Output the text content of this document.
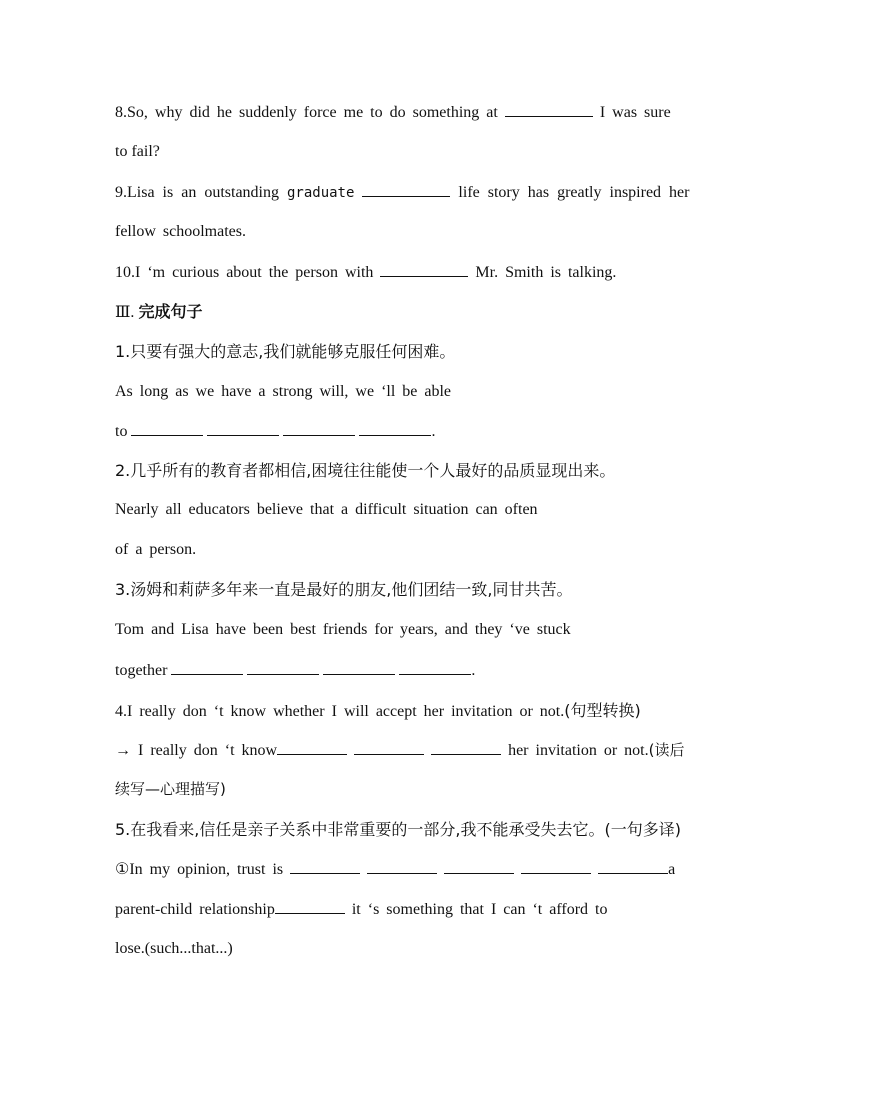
8.So, why did he suddenly force me to do something at	I was sure
to fail?
9.Lisa is an outstanding graduate	life story has greatly inspired her
fellow schoolmates.
10.I ‘m curious about the person with	Mr. Smith is talking.
Ⅲ. 完成句子
1.只要有强大的意志,我们就能够克服任何困难。
As long as we have a strong will, we ‘ll be able
to	.
2.几乎所有的教育者都相信,困境往往能使一个人最好的品质显现出来。
Nearly all educators believe that a difficult situation can often
of a person.
3.汤姆和莉萨多年来一直是最好的朋友,他们团结一致,同甘共苦。
Tom and Lisa have been best friends for years, and they ‘ve stuck
together	.
4.I really don ‘t know whether I will accept her invitation or not.(句型转换)
→ I really don ‘t know	her invitation or not.(读后
续写—心理描写)
5.在我看来,信任是亲子关系中非常重要的一部分,我不能承受失去它。(一句多译)
①In my opinion, trust is	a
parent-child relationship	it ‘s something that I can ‘t afford to
lose.(such...that...)
